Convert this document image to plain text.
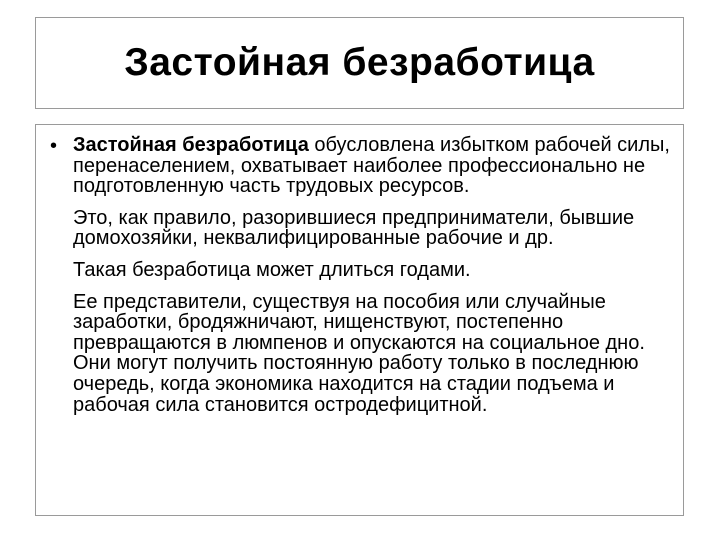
Застойная безработица
• Застойная безработица обусловлена избытком рабочей силы, перенаселением, охватывает наиболее профессионально не подготовленную часть трудовых ресурсов.

Это, как правило, разорившиеся предприниматели, бывшие домохозяйки, неквалифицированные рабочие и др.

Такая безработица может длиться годами.

Ее представители, существуя на пособия или случайные заработки, бродяжничают, нищенствуют, постепенно превращаются в люмпенов и опускаются на социальное дно. Они могут получить постоянную работу только в последнюю очередь, когда экономика находится на стадии подъема и рабочая сила становится остродефицитной.
